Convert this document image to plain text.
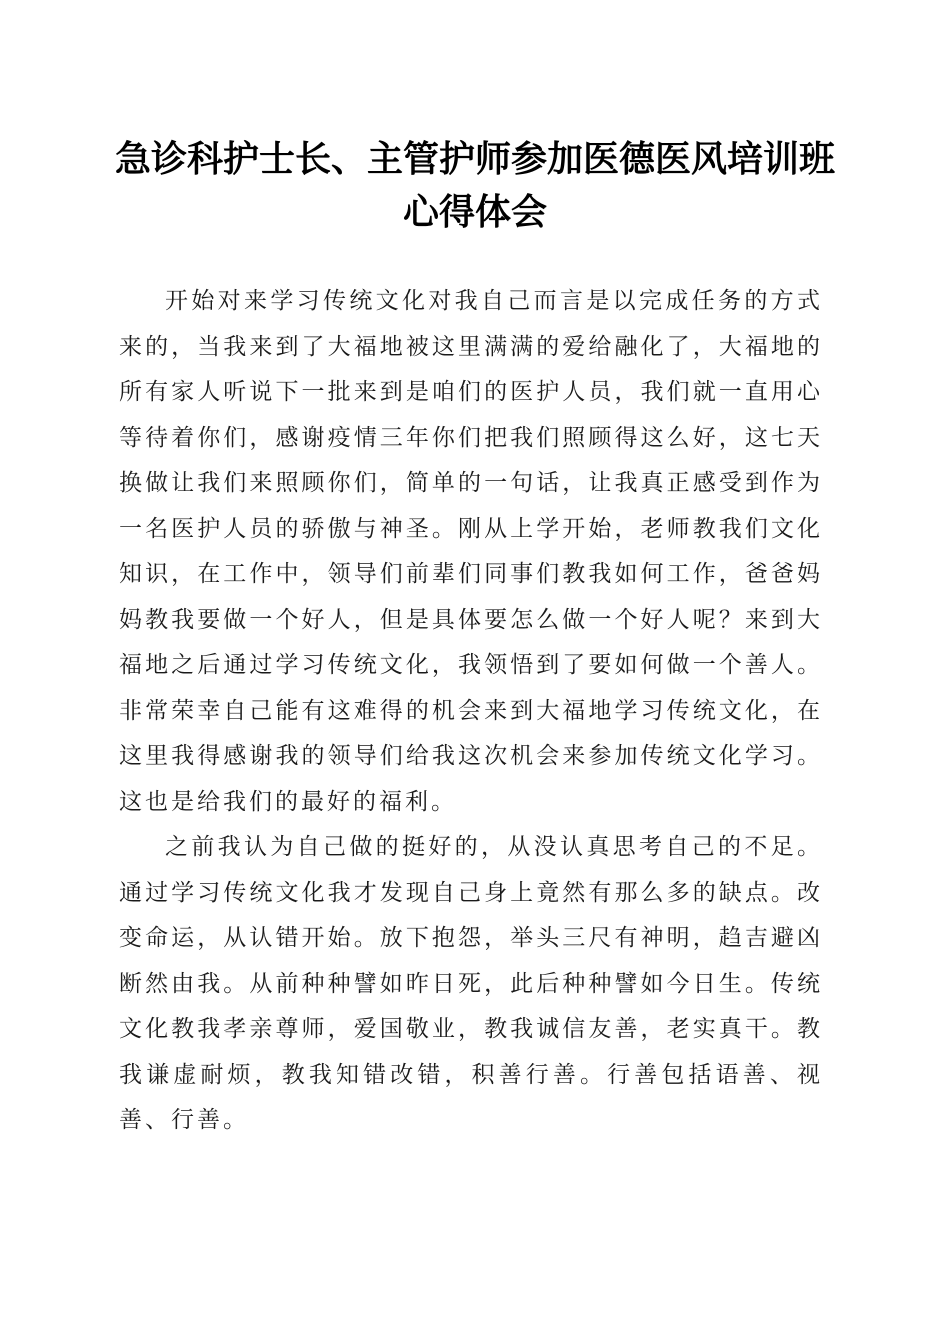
急诊科护士长、主管护师参加医德医风培训班心得体会

开始对来学习传统文化对我自己而言是以完成任务的方式来的，当我来到了大福地被这里满满的爱给融化了，大福地的所有家人听说下一批来到是咱们的医护人员，我们就一直用心等待着你们，感谢疫情三年你们把我们照顾得这么好，这七天换做让我们来照顾你们，简单的一句话，让我真正感受到作为一名医护人员的骄傲与神圣。刚从上学开始，老师教我们文化知识，在工作中，领导们前辈们同事们教我如何工作，爸爸妈妈教我要做一个好人，但是具体要怎么做一个好人呢？来到大福地之后通过学习传统文化，我领悟到了要如何做一个善人。非常荣幸自己能有这难得的机会来到大福地学习传统文化，在这里我得感谢我的领导们给我这次机会来参加传统文化学习。这也是给我们的最好的福利。

之前我认为自己做的挺好的，从没认真思考自己的不足。通过学习传统文化我才发现自己身上竟然有那么多的缺点。改变命运，从认错开始。放下抱怨，举头三尺有神明，趋吉避凶断然由我。从前种种譬如昨日死，此后种种譬如今日生。传统文化教我孝亲尊师，爱国敬业，教我诚信友善，老实真干。教我谦虚耐烦，教我知错改错，积善行善。行善包括语善、视善、行善。
